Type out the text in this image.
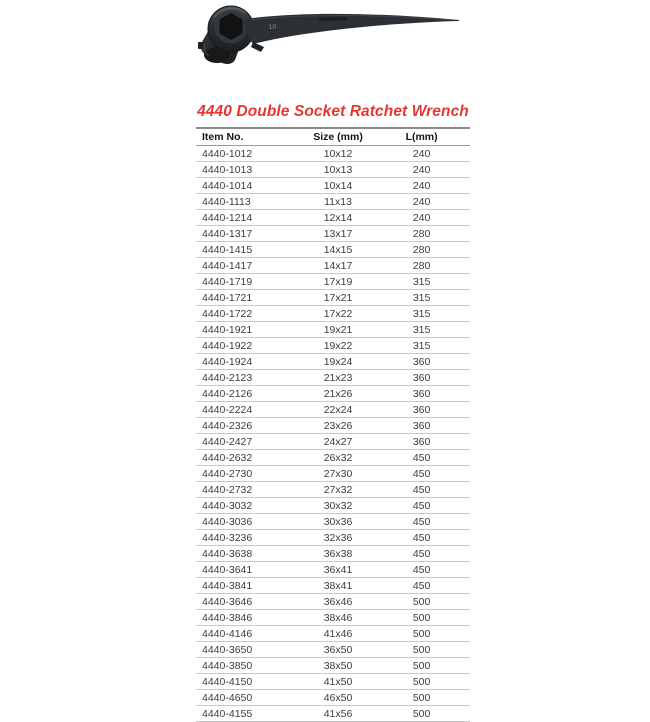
10
4440 Double Socket Ratchet Wrench
Item No.	Size (mm)	L(mm)
4440-1012	10x12	240
4440-1013	10x13	240
4440-1014	10x14	240
4440-1113	11x13	240
4440-1214	12x14	240
4440-1317	13x17	280
4440-1415	14x15	280
4440-1417	14x17	280
4440-1719	17x19	315
4440-1721	17x21	315
4440-1722	17x22	315
4440-1921	19x21	315
4440-1922	19x22	315
4440-1924	19x24	360
4440-2123	21x23	360
4440-2126	21x26	360
4440-2224	22x24	360
4440-2326	23x26	360
4440-2427	24x27	360
4440-2632	26x32	450
4440-2730	27x30	450
4440-2732	27x32	450
4440-3032	30x32	450
4440-3036	30x36	450
4440-3236	32x36	450
4440-3638	36x38	450
4440-3641	36x41	450
4440-3841	38x41	450
4440-3646	36x46	500
4440-3846	38x46	500
4440-4146	41x46	500
4440-3650	36x50	500
4440-3850	38x50	500
4440-4150	41x50	500
4440-4650	46x50	500
4440-4155	41x56	500
